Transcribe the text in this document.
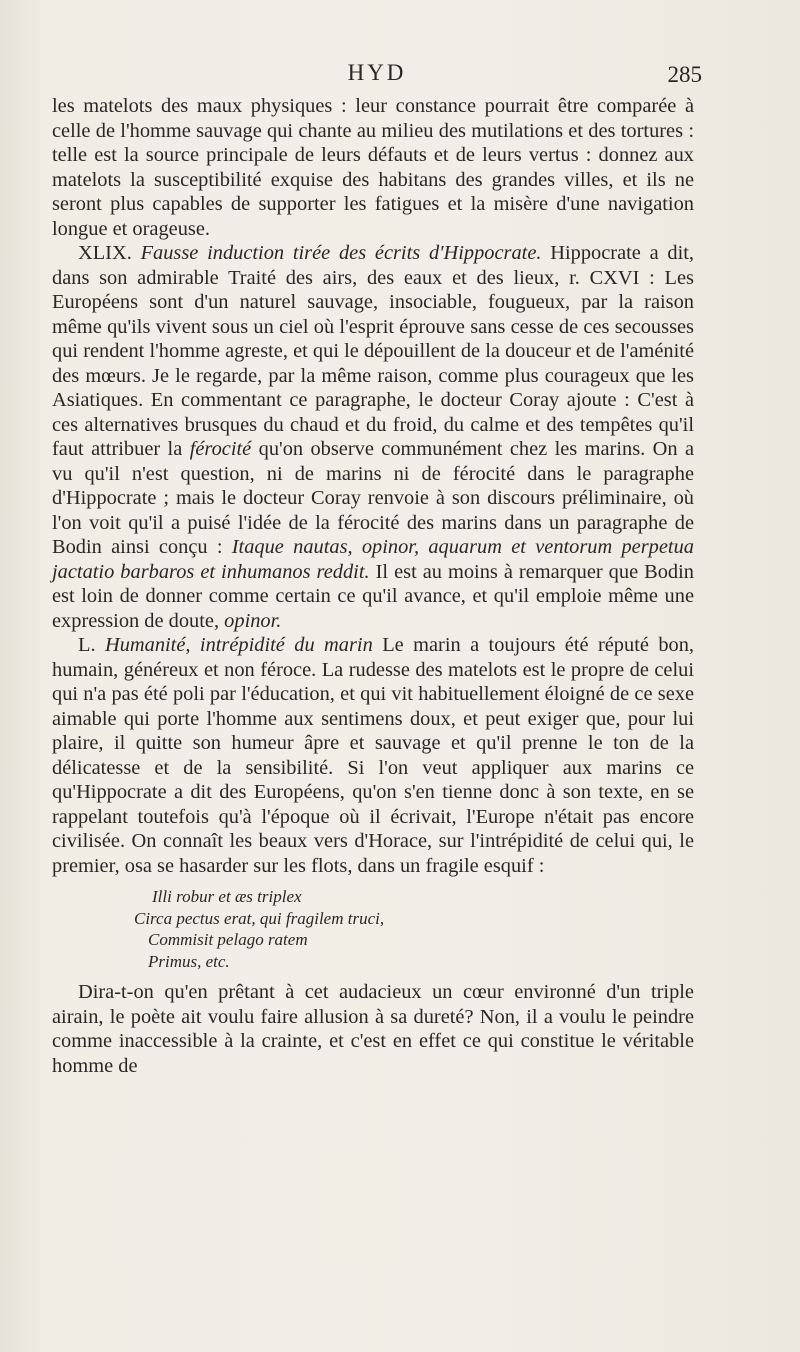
HYD	285

les matelots des maux physiques : leur constance pourrait être comparée à celle de l'homme sauvage qui chante au milieu des mutilations et des tortures : telle est la source principale de leurs défauts et de leurs vertus : donnez aux matelots la susceptibilité exquise des habitans des grandes villes, et ils ne seront plus capables de supporter les fatigues et la misère d'une navigation longue et orageuse.

XLIX. Fausse induction tirée des écrits d'Hippocrate. Hippocrate a dit, dans son admirable Traité des airs, des eaux et des lieux, r. CXVI : Les Européens sont d'un naturel sauvage, insociable, fougueux, par la raison même qu'ils vivent sous un ciel où l'esprit éprouve sans cesse de ces secousses qui rendent l'homme agreste, et qui le dépouillent de la douceur et de l'aménité des mœurs. Je le regarde, par la même raison, comme plus courageux que les Asiatiques. En commentant ce paragraphe, le docteur Coray ajoute : C'est à ces alternatives brusques du chaud et du froid, du calme et des tempêtes qu'il faut attribuer la férocité qu'on observe communément chez les marins. On a vu qu'il n'est question, ni de marins ni de férocité dans le paragraphe d'Hippocrate ; mais le docteur Coray renvoie à son discours préliminaire, où l'on voit qu'il a puisé l'idée de la férocité des marins dans un paragraphe de Bodin ainsi conçu : Itaque nautas, opinor, aquarum et ventorum perpetua jactatio barbaros et inhumanos reddit. Il est au moins à remarquer que Bodin est loin de donner comme certain ce qu'il avance, et qu'il emploie même une expression de doute, opinor.

L. Humanité, intrépidité du marin Le marin a toujours été réputé bon, humain, généreux et non féroce. La rudesse des matelots est le propre de celui qui n'a pas été poli par l'éducation, et qui vit habituellement éloigné de ce sexe aimable qui porte l'homme aux sentimens doux, et peut exiger que, pour lui plaire, il quitte son humeur âpre et sauvage et qu'il prenne le ton de la délicatesse et de la sensibilité. Si l'on veut appliquer aux marins ce qu'Hippocrate a dit des Européens, qu'on s'en tienne donc à son texte, en se rappelant toutefois qu'à l'époque où il écrivait, l'Europe n'était pas encore civilisée. On connaît les beaux vers d'Horace, sur l'intrépidité de celui qui, le premier, osa se hasarder sur les flots, dans un fragile esquif :

Illi robur et æs triplex
Circa pectus erat, qui fragilem truci,
Commisit pelago ratem
Primus, etc.

Dira-t-on qu'en prêtant à cet audacieux un cœur environné d'un triple airain, le poète ait voulu faire allusion à sa dureté? Non, il a voulu le peindre comme inaccessible à la crainte, et c'est en effet ce qui constitue le véritable homme de
